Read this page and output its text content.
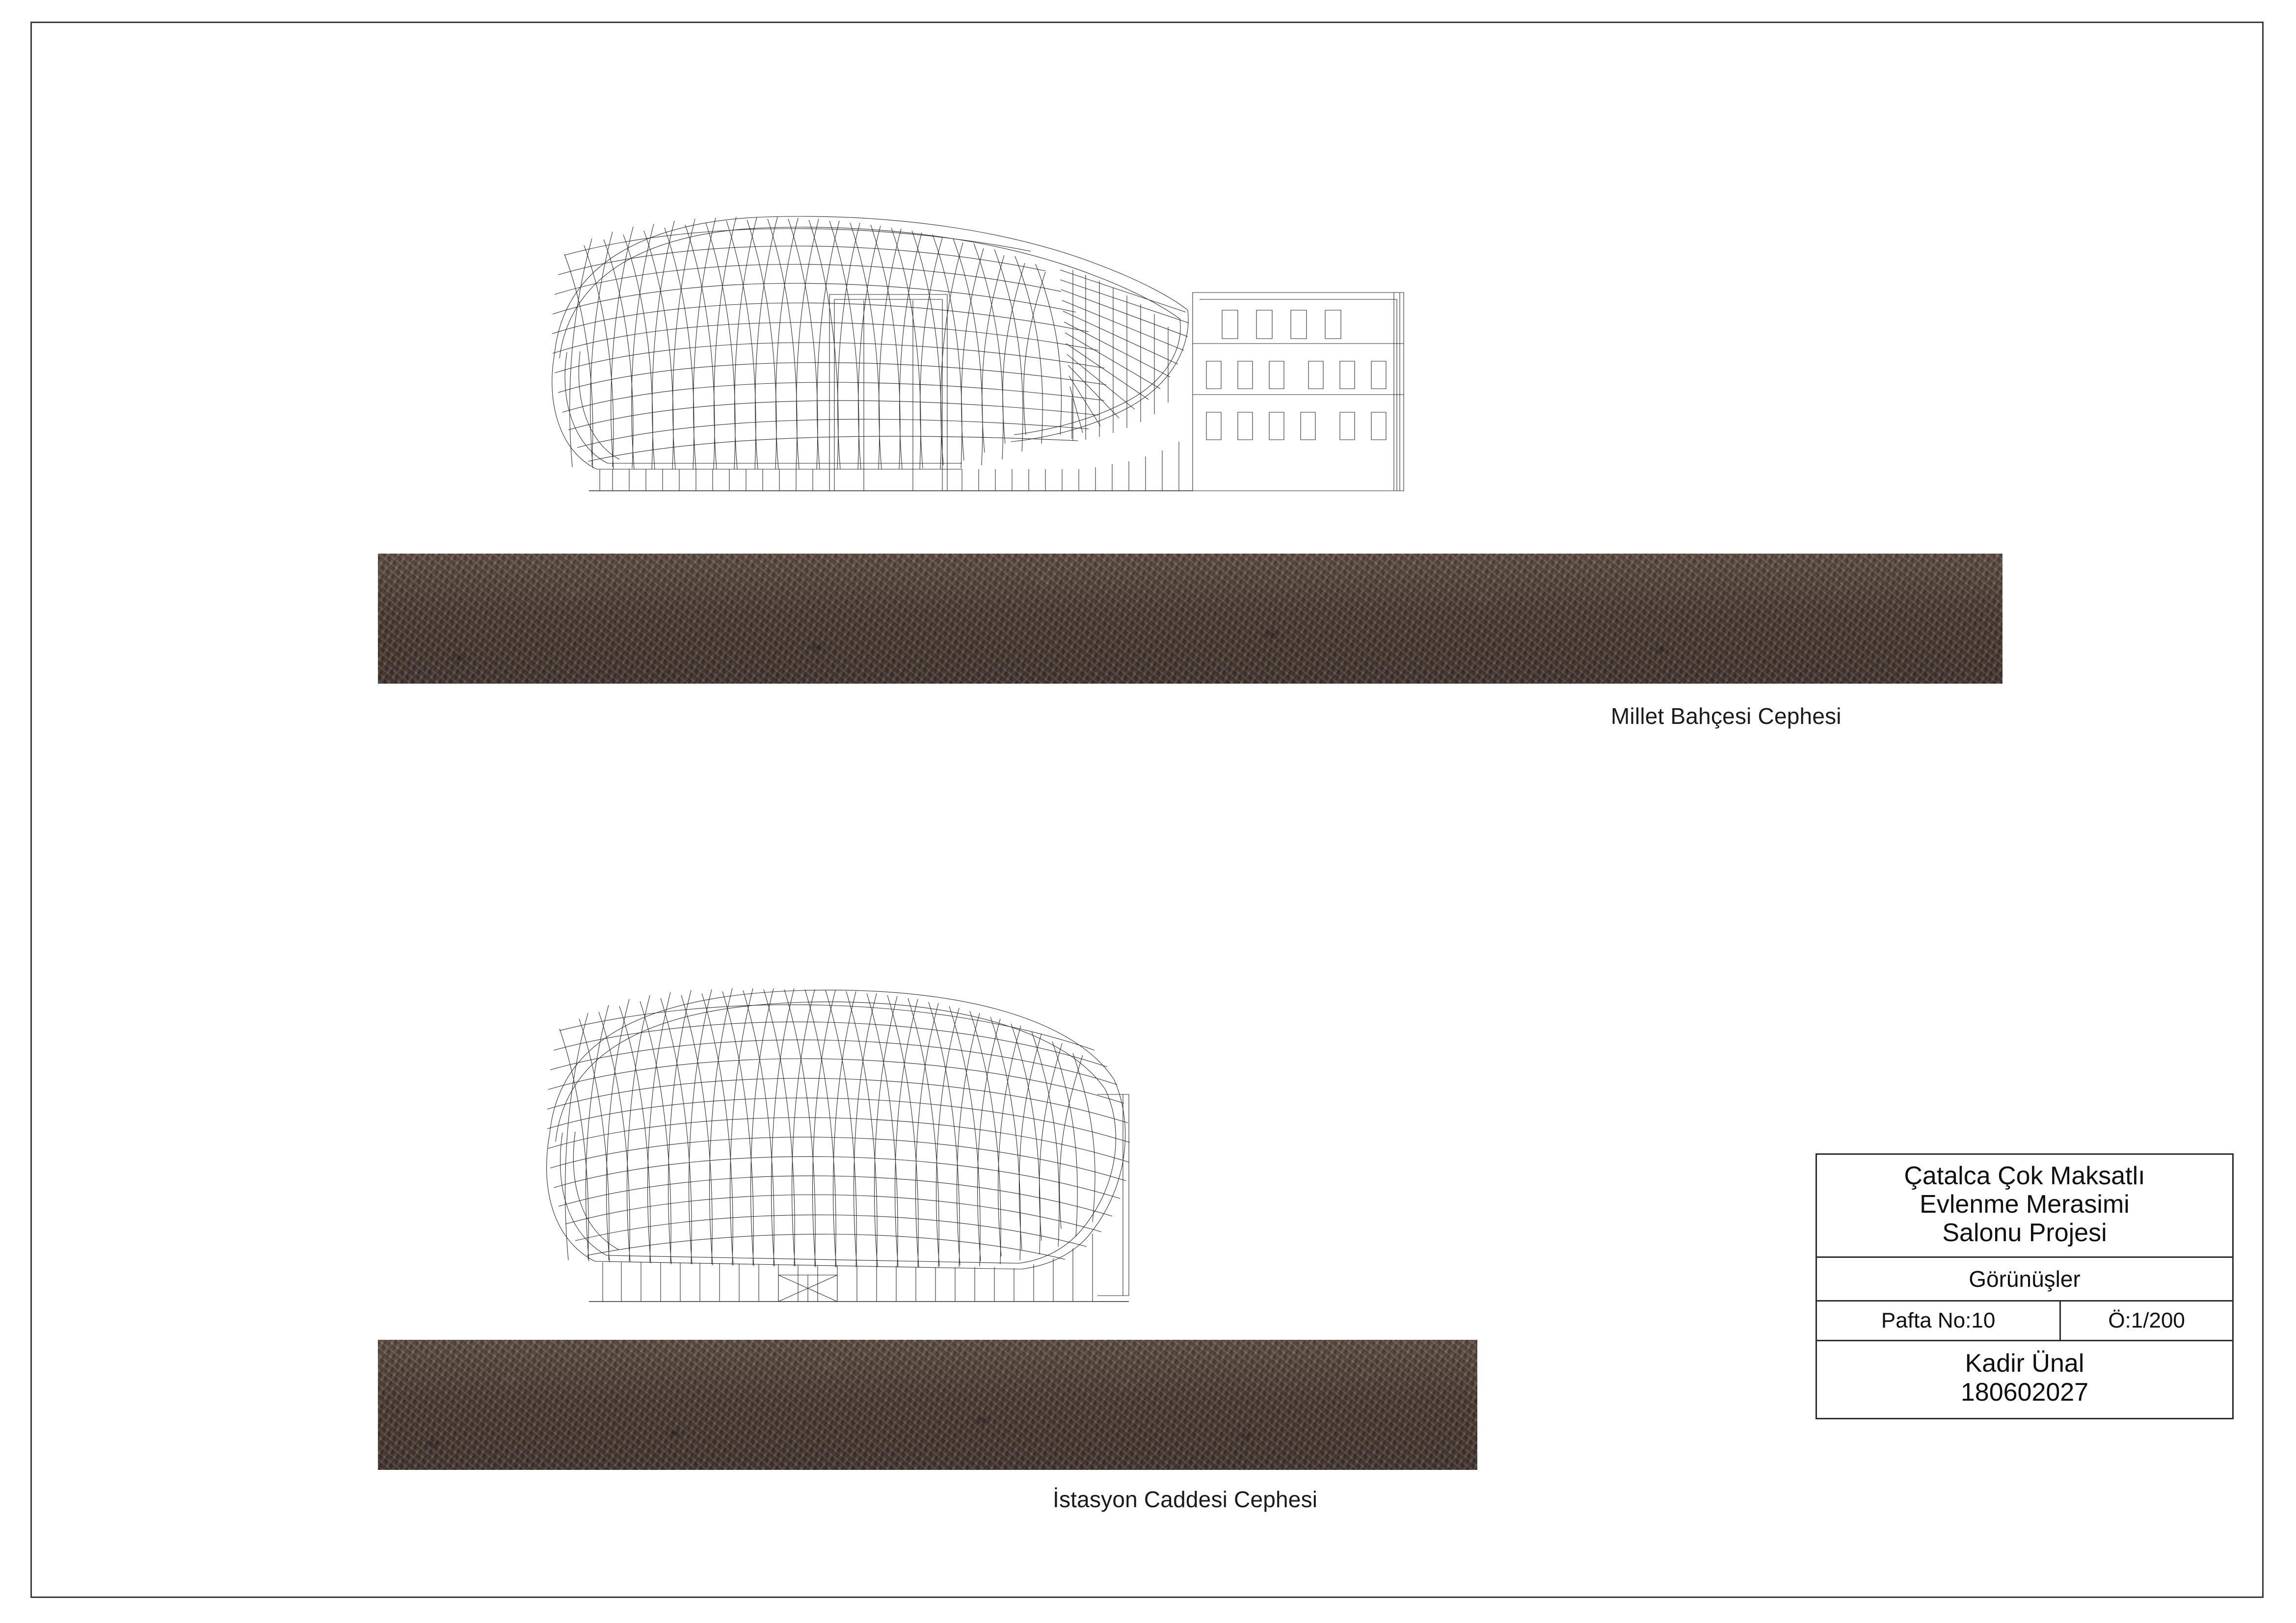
Millet Bahçesi Cephesi
İstasyon Caddesi Cephesi
Çatalca Çok Maksatlı
Evlenme Merasimi
Salonu Projesi
Görünüşler
Pafta No:10	Ö:1/200
Kadir Ünal
180602027
